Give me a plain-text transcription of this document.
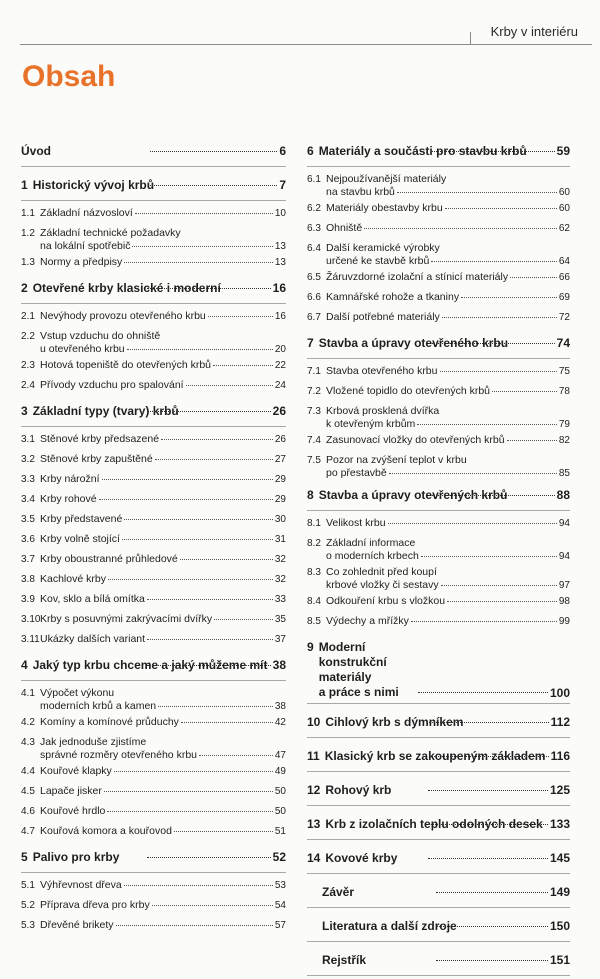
Krby v interiéru
Obsah
Úvod	6
1 Historický vývoj krbů	7
1.1 Základní názvosloví	10
1.2 Základní technické požadavky
na lokální spotřebič	13
1.3 Normy a předpisy	13
2 Otevřené krby klasické i moderní	16
2.1 Nevýhody provozu otevřeného krbu	16
2.2 Vstup vzduchu do ohniště
u otevřeného krbu	20
2.3 Hotová topeniště do otevřených krbů	22
2.4 Přívody vzduchu pro spalování	24
3 Základní typy (tvary) krbů	26
3.1 Stěnové krby předsazené	26
3.2 Stěnové krby zapuštěné	27
3.3 Krby nárožní	29
3.4 Krby rohové	29
3.5 Krby představené	30
3.6 Krby volně stojící	31
3.7 Krby oboustranné průhledové	32
3.8 Kachlové krby	32
3.9 Kov, sklo a bílá omítka	33
3.10 Krby s posuvnými zakrývacími dvířky	35
3.11 Ukázky dalších variant	37
4 Jaký typ krbu chceme a jaký můžeme mít 38
4.1 Výpočet výkonu
moderních krbů a kamen	38
4.2 Komíny a komínové průduchy	42
4.3 Jak jednoduše zjistíme
správné rozměry otevřeného krbu	47
4.4 Kouřové klapky	49
4.5 Lapače jisker	50
4.6 Kouřové hrdlo	50
4.7 Kouřová komora a kouřovod	51
5 Palivo pro krby	52
5.1 Výhřevnost dřeva	53
5.2 Příprava dřeva pro krby	54
5.3 Dřevěné brikety	57
6 Materiály a součásti pro stavbu krbů 59
6.1 Nejpoužívanější materiály
na stavbu krbů	60
6.2 Materiály obestavby krbu	60
6.3 Ohniště	62
6.4 Další keramické výrobky
určené ke stavbě krbů	64
6.5 Žáruvzdorné izolační a stínicí materiály	66
6.6 Kamnářské rohože a tkaniny	69
6.7 Další potřebné materiály	72
7 Stavba a úpravy otevřeného krbu	74
7.1 Stavba otevřeného krbu	75
7.2 Vložené topidlo do otevřených krbů	78
7.3 Krbová prosklená dvířka
k otevřeným krbům	79
7.4 Zasunovací vložky do otevřených krbů	82
7.5 Pozor na zvýšení teplot v krbu
po přestavbě	85
8 Stavba a úpravy otevřených krbů	88
8.1 Velikost krbu	94
8.2 Základní informace
o moderních krbech	94
8.3 Co zohlednit před koupí
krbové vložky či sestavy	97
8.4 Odkouření krbu s vložkou	98
8.5 Výdechy a mřížky	99
9 Moderní konstrukční materiály
a práce s nimi	100
10 Cihlový krb s dýmníkem	112
11 Klasický krb se zakoupeným základem 116
12 Rohový krb	125
13 Krb z izolačních teplu odolných desek 133
14 Kovové krby	145
Závěr	149
Literatura a další zdroje	150
Rejstřík	151
